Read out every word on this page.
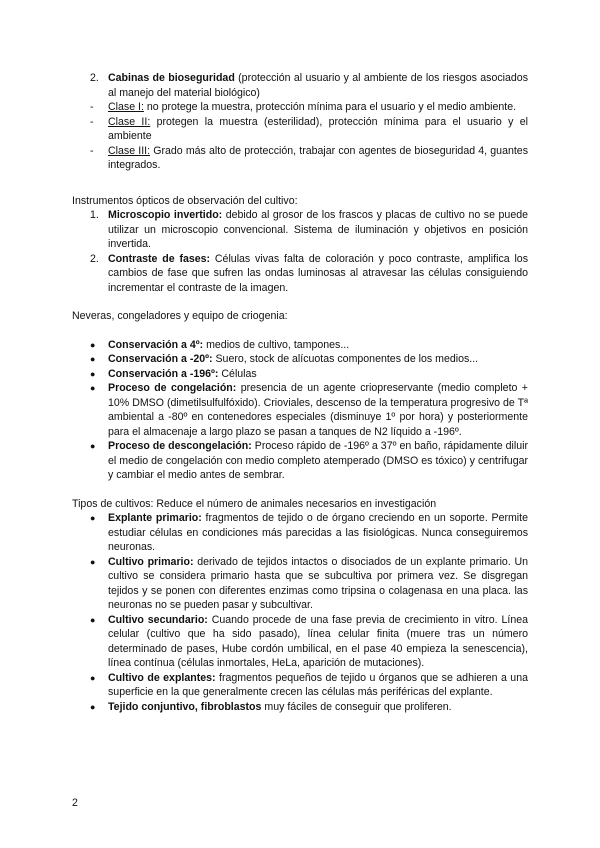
2. Cabinas de bioseguridad (protección al usuario y al ambiente de los riesgos asociados al manejo del material biológico)
- Clase I: no protege la muestra, protección mínima para el usuario y el medio ambiente.
- Clase II: protegen la muestra (esterilidad), protección mínima para el usuario y el ambiente
- Clase III: Grado más alto de protección, trabajar con agentes de bioseguridad 4, guantes integrados.

Instrumentos ópticos de observación del cultivo:

1. Microscopio invertido: debido al grosor de los frascos y placas de cultivo no se puede utilizar un microscopio convencional. Sistema de iluminación y objetivos en posición invertida.
2. Contraste de fases: Células vivas falta de coloración y poco contraste, amplifica los cambios de fase que sufren las ondas luminosas al atravesar las células consiguiendo incrementar el contraste de la imagen.

Neveras, congeladores y equipo de criogenia:

● Conservación a 4º: medios de cultivo, tampones...
● Conservación a -20º: Suero, stock de alícuotas componentes de los medios...
● Conservación a -196º: Células
● Proceso de congelación: presencia de un agente criopreservante (medio completo + 10% DMSO (dimetilsulfulfóxido). Crioviales, descenso de la temperatura progresivo de Tª ambiental a -80º en contenedores especiales (disminuye 1º por hora) y posteriormente para el almacenaje a largo plazo se pasan a tanques de N2 líquido a -196º.
● Proceso de descongelación: Proceso rápido de -196º a 37º en baño, rápidamente diluir el medio de congelación con medio completo atemperado (DMSO es tóxico) y centrifugar y cambiar el medio antes de sembrar.

Tipos de cultivos: Reduce el número de animales necesarios en investigación

● Explante primario: fragmentos de tejido o de órgano creciendo en un soporte. Permite estudiar células en condiciones más parecidas a las fisiológicas. Nunca conseguiremos neuronas.
● Cultivo primario: derivado de tejidos intactos o disociados de un explante primario. Un cultivo se considera primario hasta que se subcultiva por primera vez. Se disgregan tejidos y se ponen con diferentes enzimas como tripsina o colagenasa en una placa. las neuronas no se pueden pasar y subcultivar.
● Cultivo secundario: Cuando procede de una fase previa de crecimiento in vitro. Línea celular (cultivo que ha sido pasado), línea celular finita (muere tras un número determinado de pases, Hube cordón umbilical, en el pase 40 empieza la senescencia), línea contínua (células inmortales, HeLa, aparición de mutaciones).
● Cultivo de explantes: fragmentos pequeños de tejido u órganos que se adhieren a una superficie en la que generalmente crecen las células más periféricas del explante.
● Tejido conjuntivo, fibroblastos muy fáciles de conseguir que proliferen.
2
